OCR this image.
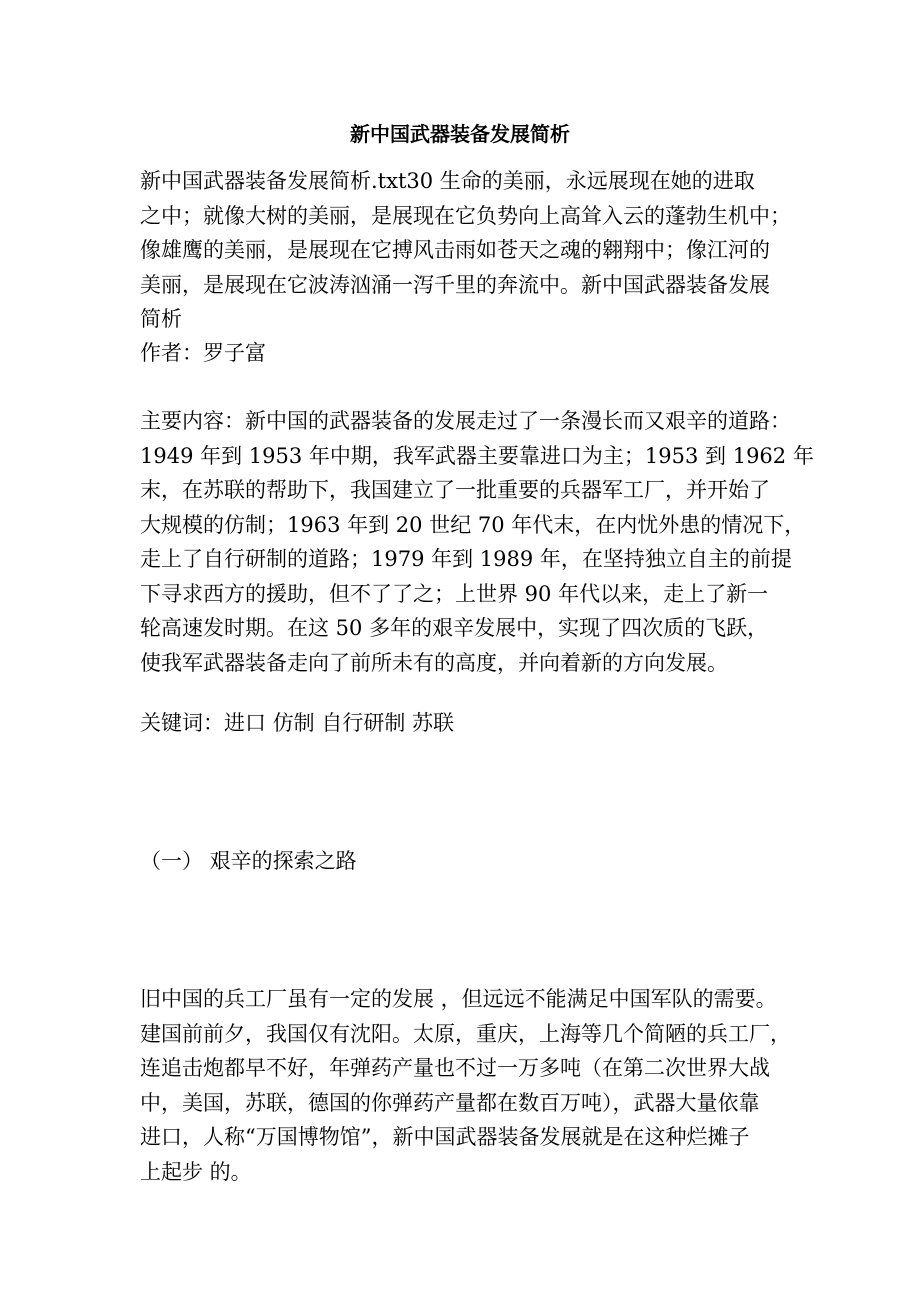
新中国武器装备发展简析
新中国武器装备发展简析.txt30 生命的美丽，永远展现在她的进取
之中；就像大树的美丽，是展现在它负势向上高耸入云的蓬勃生机中；
像雄鹰的美丽，是展现在它搏风击雨如苍天之魂的翱翔中；像江河的
美丽，是展现在它波涛汹涌一泻千里的奔流中。新中国武器装备发展
简析
作者：罗子富
主要内容：新中国的武器装备的发展走过了一条漫长而又艰辛的道路：
1949 年到 1953 年中期，我军武器主要靠进口为主；1953 到 1962 年
末，在苏联的帮助下，我国建立了一批重要的兵器军工厂，并开始了
大规模的仿制；1963 年到 20 世纪 70 年代末，在内忧外患的情况下，
走上了自行研制的道路；1979 年到 1989 年，在坚持独立自主的前提
下寻求西方的援助，但不了了之；上世界 90 年代以来，走上了新一
轮高速发时期。在这 50 多年的艰辛发展中，实现了四次质的飞跃，
使我军武器装备走向了前所未有的高度，并向着新的方向发展。
关键词：进口 仿制 自行研制 苏联
（一） 艰辛的探索之路
旧中国的兵工厂虽有一定的发展 ，但远远不能满足中国军队的需要。
建国前前夕，我国仅有沈阳。太原，重庆，上海等几个简陋的兵工厂，
连追击炮都早不好，年弹药产量也不过一万多吨（在第二次世界大战
中，美国，苏联，德国的你弹药产量都在数百万吨），武器大量依靠
进口，人称“万国博物馆”，新中国武器装备发展就是在这种烂摊子
上起步 的。
